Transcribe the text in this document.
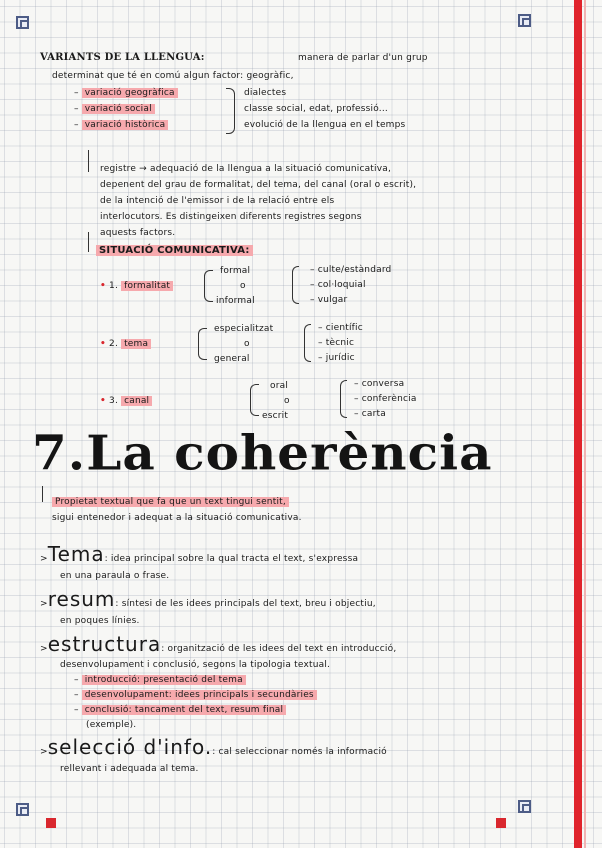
VARIANTS DE LA LLENGUA:	manera de parlar d'un grup
determinat que té en comú algun factor: geogràfic,
– variació geogràfica
– variació social
– variació històrica
dialectes
classe social, edat, professió...
evolució de la llengua en el temps
registre → adequació de la llengua a la situació comunicativa,
depenent del grau de formalitat, del tema, del canal (oral o escrit),
de la intenció de l'emissor i de la relació entre els
interlocutors. Es distingeixen diferents registres segons
aquests factors.
SITUACIÓ COMUNICATIVA:
• 1. formalitat
formal
o
informal
– culte/estàndard
– col·loquial
– vulgar
• 2. tema
especialitzat
o
general
– científic
– tècnic
– jurídic
• 3. canal
oral
o
escrit
– conversa
– conferència
– carta
7.La coherència
Propietat textual que fa que un text tingui sentit,
sigui entenedor i adequat a la situació comunicativa.
>Tema: idea principal sobre la qual tracta el text, s'expressa
en una paraula o frase.
>resum: síntesi de les idees principals del text, breu i objectiu,
en poques línies.
>estructura: organització de les idees del text en introducció,
desenvolupament i conclusió, segons la tipologia textual.
– introducció: presentació del tema
– desenvolupament: idees principals i secundàries
– conclusió: tancament del text, resum final
(exemple).
>selecció d'info.: cal seleccionar només la informació
rellevant i adequada al tema.
